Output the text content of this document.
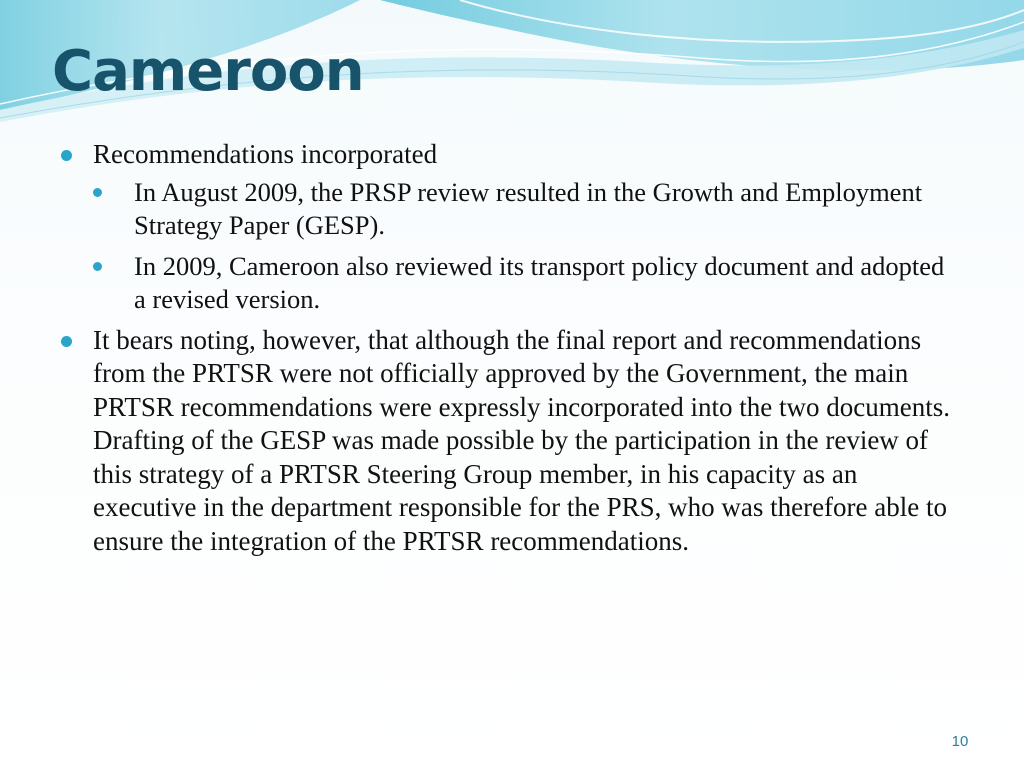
Cameroon
Recommendations incorporated
In August 2009, the PRSP review resulted in the Growth and Employment Strategy Paper (GESP).
In 2009, Cameroon also reviewed its transport policy document and adopted a revised version.
It bears noting, however, that although the final report and recommendations from the PRTSR were not officially approved by the Government, the main PRTSR recommendations were expressly incorporated into the two documents. Drafting of the GESP was made possible by the participation in the review of this strategy of a PRTSR Steering Group member, in his capacity as an executive in the department responsible for the PRS, who was therefore able to ensure the integration of the PRTSR recommendations.
10
